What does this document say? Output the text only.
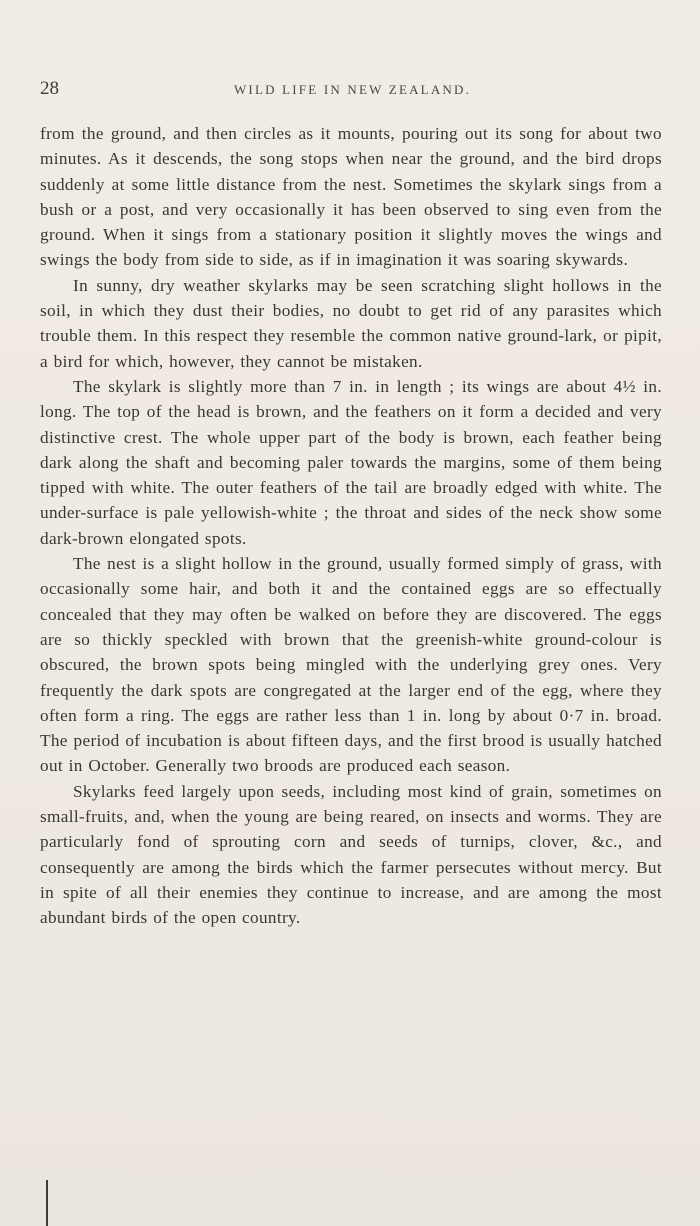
28	WILD LIFE IN NEW ZEALAND.

from the ground, and then circles as it mounts, pouring out its song for about two minutes. As it descends, the song stops when near the ground, and the bird drops suddenly at some little distance from the nest. Sometimes the skylark sings from a bush or a post, and very occasionally it has been observed to sing even from the ground. When it sings from a stationary position it slightly moves the wings and swings the body from side to side, as if in imagination it was soaring skywards.

In sunny, dry weather skylarks may be seen scratching slight hollows in the soil, in which they dust their bodies, no doubt to get rid of any parasites which trouble them. In this respect they resemble the common native ground-lark, or pipit, a bird for which, however, they cannot be mistaken.

The skylark is slightly more than 7 in. in length ; its wings are about 4½ in. long. The top of the head is brown, and the feathers on it form a decided and very distinctive crest. The whole upper part of the body is brown, each feather being dark along the shaft and becoming paler towards the margins, some of them being tipped with white. The outer feathers of the tail are broadly edged with white. The under-surface is pale yellowish-white ; the throat and sides of the neck show some dark-brown elongated spots.

The nest is a slight hollow in the ground, usually formed simply of grass, with occasionally some hair, and both it and the contained eggs are so effectually concealed that they may often be walked on before they are discovered. The eggs are so thickly speckled with brown that the greenish-white ground-colour is obscured, the brown spots being mingled with the underlying grey ones. Very frequently the dark spots are congregated at the larger end of the egg, where they often form a ring. The eggs are rather less than 1 in. long by about 0·7 in. broad. The period of incubation is about fifteen days, and the first brood is usually hatched out in October. Generally two broods are produced each season.

Skylarks feed largely upon seeds, including most kind of grain, sometimes on small-fruits, and, when the young are being reared, on insects and worms. They are particularly fond of sprouting corn and seeds of turnips, clover, &c., and consequently are among the birds which the farmer persecutes without mercy. But in spite of all their enemies they continue to increase, and are among the most abundant birds of the open country.
